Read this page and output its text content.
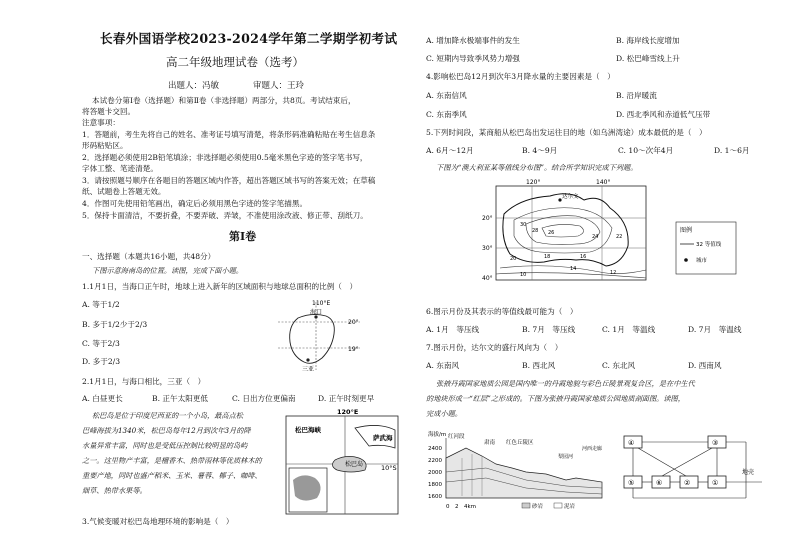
长春外国语学校2023-2024学年第二学期学初考试
高二年级地理试卷（选考）
出题人：冯敏　　　　审题人：王玲
本试卷分第Ⅰ卷（选择题）和第Ⅱ卷（非选择题）两部分，共8页。考试结束后，
将答题卡交回。
注意事项：
1．答题前，考生先将自己的姓名、准考证号填写清楚，将条形码准确粘贴在考生信息条
形码粘贴区。
2．选择题必须使用2B铅笔填涂；非选择题必须使用0.5毫米黑色字迹的签字笔书写，
字体工整、笔迹清楚。
3．请按照题号顺序在各题目的答题区域内作答，超出答题区域书写的答案无效；在草稿
纸、试题卷上答题无效。
4．作图可先使用铅笔画出，确定后必须用黑色字迹的签字笔描黑。
5．保持卡面清洁，不要折叠，不要弄破、弄皱，不准使用涂改液、修正带、刮纸刀。
第Ⅰ卷
一、选择题（本题共16小题，共48分）
下图示意海南岛的位置。读图，完成下面小题。
1.1月1日，当海口正午时，地球上进入新年的区域面积与地球总面积的比例（　）
A. 等于1/2
B. 多于1/2少于2/3
C. 等于2/3
D. 多于2/3
110°E
海口
20°
19°
三亚
2.1月1日，与海口相比，三亚（　）
A. 白昼更长	B. 正午太阳更低	C. 日出方位更偏南	D. 正午时刻更早
松巴岛是位于印度尼西亚的一个小岛，最高点松
巴峰海拔为1340米，松巴岛每年12月到次年3月的降
水量异常丰富，同时也是受低压控制比较明显的岛屿
之一。这里物产丰富，是檀香木、热带雨林等优质林木的
重要产地，同时也盛产稻米、玉米、薯蓉、椰子、咖啡、
烟草、热带水果等。
120°E
松巴海峡
萨武海
松巴岛	10°S
3.气候变暖对松巴岛地理环境的影响是（　）
A. 增加降水极端事件的发生	B. 海岸线长度增加
C. 短期内导致季风势力增强	D. 松巴峰雪线上升
4.影响松巴岛12月到次年3月降水量的主要因素是（　）
A. 东南信风	B. 沿岸暖流
C. 东南季风	D. 西北季风和赤道低气压带
5.下列时间段，某商船从松巴岛出发运往目的地（如乌洲湾途）成本最低的是（　）
A. 6月～12月	B. 4～9月	C. 10～次年4月	D. 1～6月
下图为“澳大利亚某等值线分布图”。结合所学知识完成下列题。
120°	140°
20°
30°
40°
达尔文
30
28 26
24	22
20	18	16
14
12
10
图例
32 等值线
城市
6.图示月份及其表示的等值线最可能为（　）
A. 1月　等压线	B. 7月　等压线	C. 1月　等温线	D. 7月　等温线
7.图示月份，达尔文的盛行风向为（　）
A. 东南风	B. 西北风	C. 东北风	D. 西南风
张掖丹霞国家地质公园是国内唯一的丹霞地貌与彩色丘陵景观复合区，是在中生代
的地块形成一“红层”之形成的。下图为张掖丹霞国家地质公园地质剖面图。读图，
完成小题。
海拔/m
2400
2200
2000
1800
1600
红河段
肃南 红色丘陵区
梨园河
河西走廊
0　2　4km	砂岩	泥岩
④	③
⑤	⑥	②	①
地壳
